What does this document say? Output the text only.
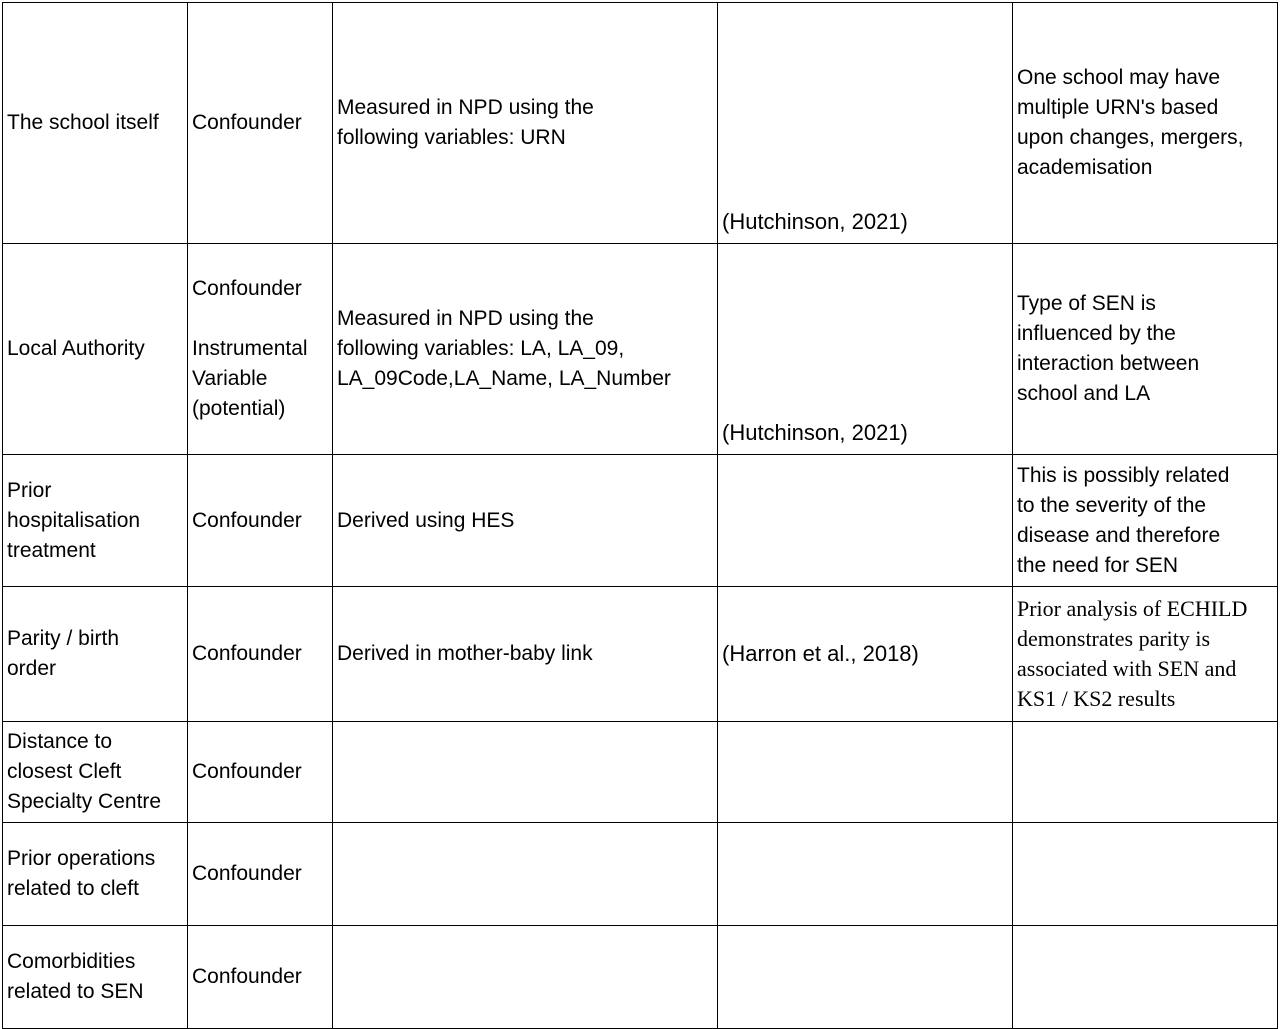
The school itself	Confounder	Measured in NPD using the
following variables: URN	(Hutchinson, 2021)	One school may have
multiple URN's based
upon changes, mergers,
academisation
Local Authority	Confounder
Instrumental
Variable
(potential)	Measured in NPD using the
following variables: LA, LA_09,
LA_09Code,LA_Name, LA_Number	(Hutchinson, 2021)	Type of SEN is
influenced by the
interaction between
school and LA
Prior
hospitalisation
treatment	Confounder	Derived using HES		This is possibly related
to the severity of the
disease and therefore
the need for SEN
Parity / birth
order	Confounder	Derived in mother-baby link	(Harron et al., 2018)	Prior analysis of ECHILD
demonstrates parity is
associated with SEN and
KS1 / KS2 results
Distance to
closest Cleft
Specialty Centre	Confounder			
Prior operations
related to cleft	Confounder			
Comorbidities
related to SEN	Confounder			
